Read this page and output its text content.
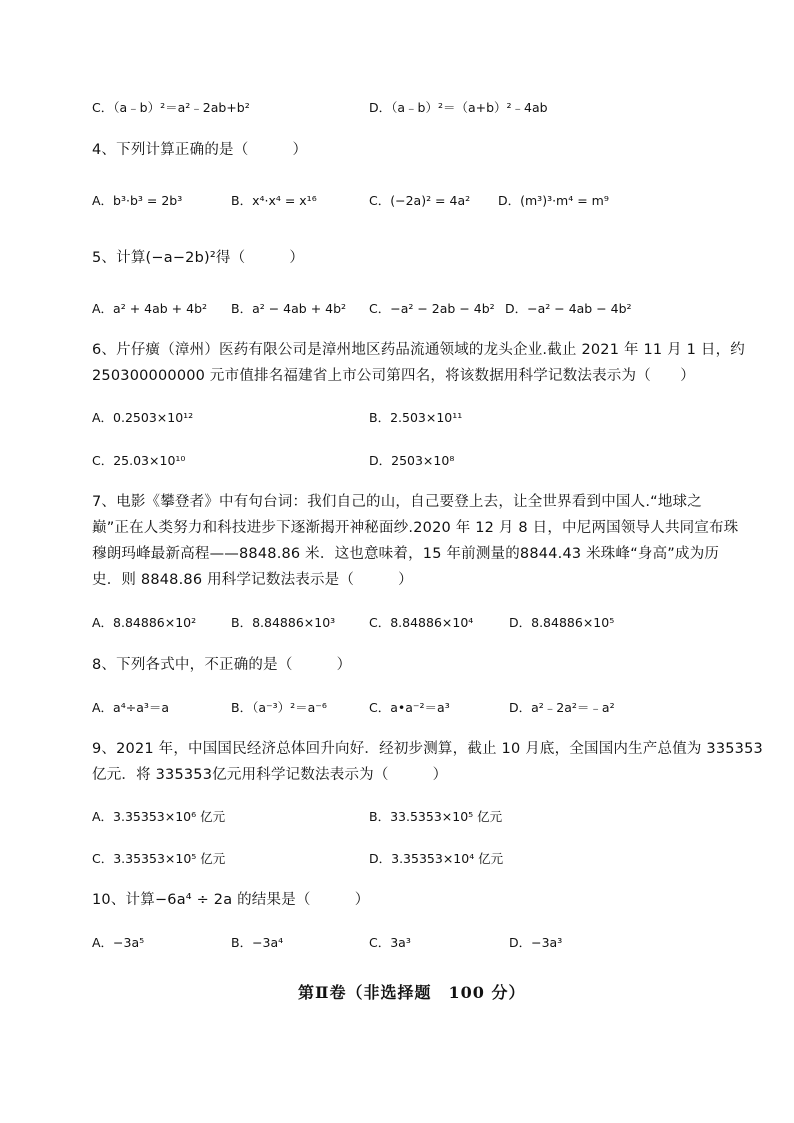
C．（a﹣b）²＝a²﹣2ab+b²	D．（a﹣b）²＝（a+b）²﹣4ab
4、下列计算正确的是（　　　）
A．b³·b³ = 2b³	B．x⁴·x⁴ = x¹⁶	C．(−2a)² = 4a² D．(m³)³·m⁴ = m⁹
5、计算(−a−2b)²得（　　　）
A．a² + 4ab + 4b² B．a² − 4ab + 4b² C．−a² − 2ab − 4b² D．−a² − 4ab − 4b²
6、片仔癀（漳州）医药有限公司是漳州地区药品流通领域的龙头企业.截止 2021 年 11 月 1 日，约
250300000000 元市值排名福建省上市公司第四名，将该数据用科学记数法表示为（　　）
A．0.2503×10¹²	B．2.503×10¹¹
C．25.03×10¹⁰	D．2503×10⁸
7、电影《攀登者》中有句台词：我们自己的山，自己要登上去，让全世界看到中国人.“地球之
巅”正在人类努力和科技进步下逐渐揭开神秘面纱.2020 年 12 月 8 日，中尼两国领导人共同宣布珠
穆朗玛峰最新高程——8848.86 米．这也意味着，15 年前测量的8844.43 米珠峰“身高”成为历
史．则 8848.86 用科学记数法表示是（　　　）
A．8.84886×10²	B．8.84886×10³	C．8.84886×10⁴	D．8.84886×10⁵
8、下列各式中，不正确的是（　　　）
A．a⁴÷a³＝a	B．（a⁻³）²＝a⁻⁶	C．a•a⁻²＝a³	D．a²﹣2a²＝﹣a²
9、2021 年，中国国民经济总体回升向好．经初步测算，截止 10 月底，全国国内生产总值为 335353
亿元．将 335353亿元用科学记数法表示为（　　　）
A．3.35353×10⁶ 亿元	B．33.5353×10⁵ 亿元
C．3.35353×10⁵ 亿元	D．3.35353×10⁴ 亿元
10、计算−6a⁴ ÷ 2a 的结果是（　　　）
A．−3a⁵	B．−3a⁴	C．3a³	D．−3a³
第Ⅱ卷（非选择题　100 分）
